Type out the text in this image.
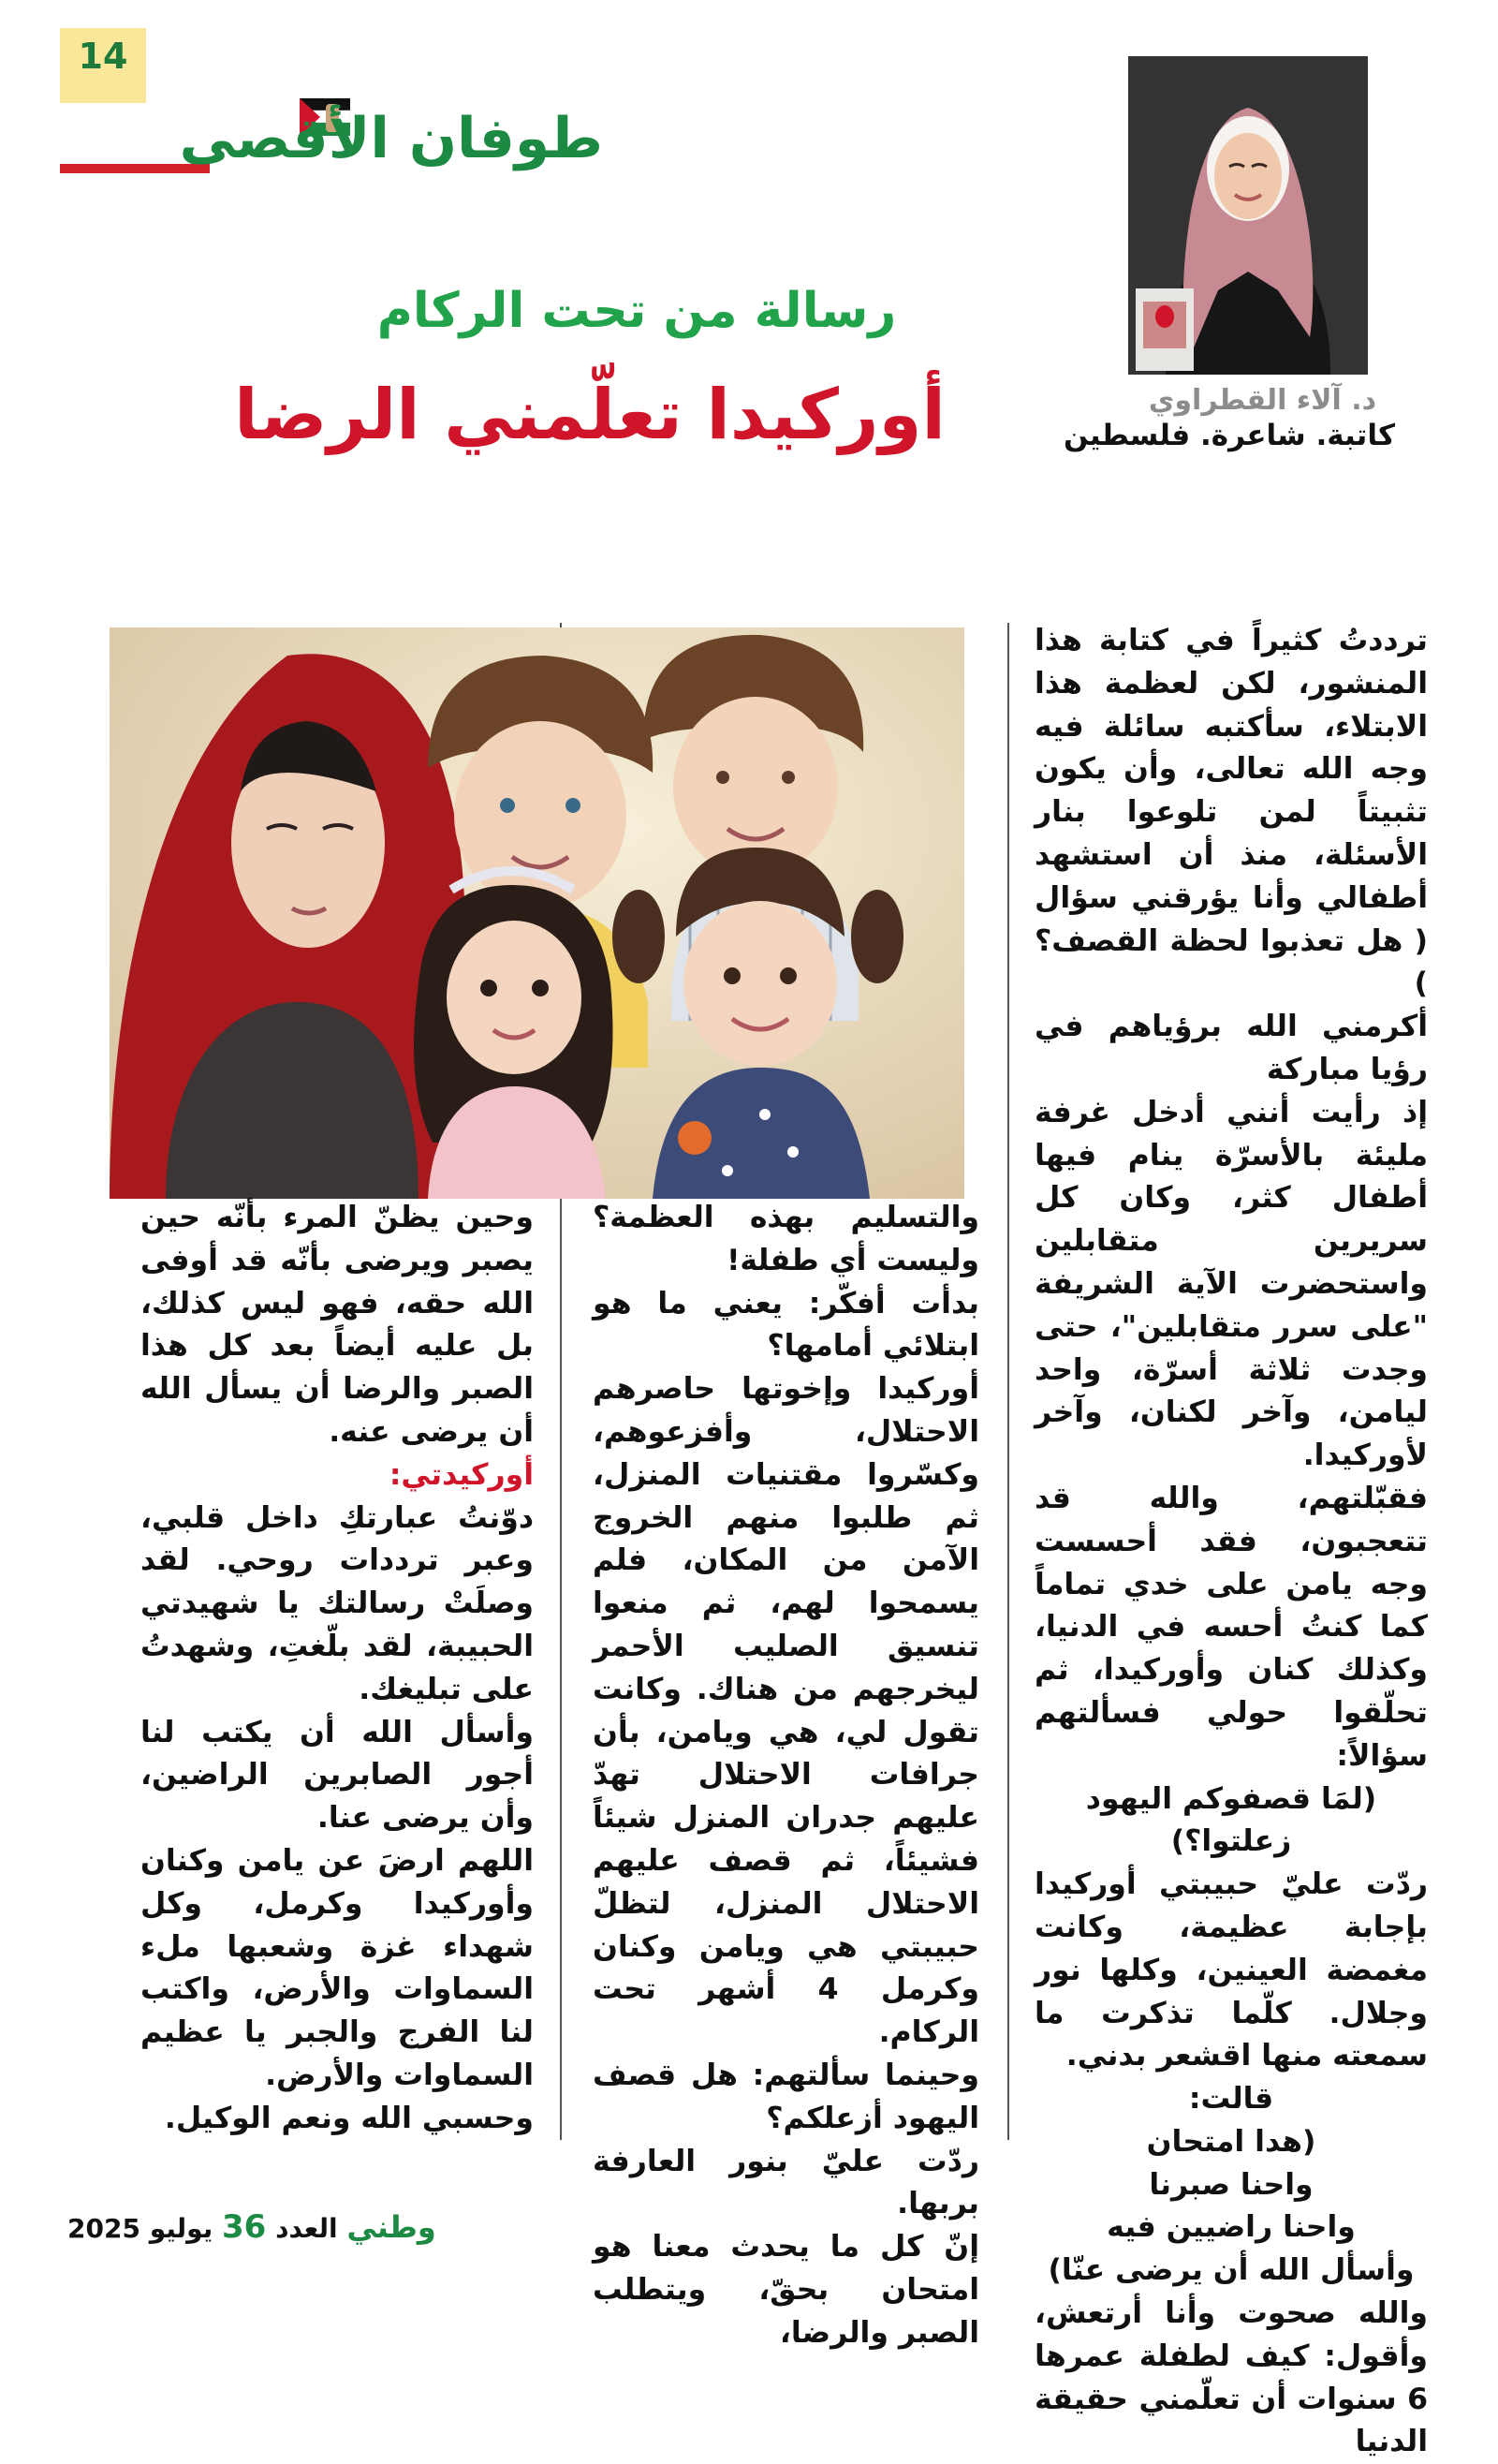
14
طوفان الأقصى
رسالة من تحت الركام
أوركيدا تعلّمني الرضا	د. آلاء القطراوي
كاتبة. شاعرة. فلسطين

ترددتُ كثيراً في كتابة هذا المنشور، لكن لعظمة هذا الابتلاء، سأكتبه سائلة فيه وجه الله تعالى، وأن يكون تثبيتاً لمن تلوعوا بنار الأسئلة، منذ أن استشهد أطفالي وأنا يؤرقني سؤال ( هل تعذبوا لحظة القصف؟ )

أكرمني الله برؤياهم في رؤيا مباركة

إذ رأيت أنني أدخل غرفة مليئة بالأسرّة ينام فيها أطفال كثر، وكان كل سريرين متقابلين واستحضرت الآية الشريفة "على سرر متقابلين"، حتى وجدت ثلاثة أسرّة، واحد ليامن، وآخر لكنان، وآخر لأوركيدا.

فقبّلتهم، والله قد تتعجبون، فقد أحسست وجه يامن على خدي تماماً كما كنتُ أحسه في الدنيا، وكذلك كنان وأوركيدا، ثم تحلّقوا حولي فسألتهم سؤالاً:

(لمَا قصفوكم اليهود زعلتوا؟)

ردّت عليّ حبيبتي أوركيدا بإجابة عظيمة، وكانت مغمضة العينين، وكلها نور وجلال. كلّما تذكرت ما سمعته منها اقشعر بدني.

قالت:

(هدا امتحان

واحنا صبرنا

واحنا راضيين فيه

وأسأل الله أن يرضى عنّا)

والله صحوت وأنا أرتعش، وأقول: كيف لطفلة عمرها 6 سنوات أن تعلّمني حقيقة الدنيا

والتسليم بهذه العظمة؟ وليست أي طفلة!

بدأت أفكّر: يعني ما هو ابتلائي أمامها؟

أوركيدا وإخوتها حاصرهم الاحتلال، وأفزعوهم، وكسّروا مقتنيات المنزل، ثم طلبوا منهم الخروج الآمن من المكان، فلم يسمحوا لهم، ثم منعوا تنسيق الصليب الأحمر ليخرجهم من هناك. وكانت تقول لي، هي ويامن، بأن جرافات الاحتلال تهدّ عليهم جدران المنزل شيئاً فشيئاً، ثم قصف عليهم الاحتلال المنزل، لتظلّ حبيبتي هي ويامن وكنان وكرمل 4 أشهر تحت الركام.

وحينما سألتهم: هل قصف اليهود أزعلكم؟

ردّت عليّ بنور العارفة بربها.

إنّ كل ما يحدث معنا هو امتحان بحقّ، ويتطلب الصبر والرضا،

وحين يظنّ المرء بأنّه حين يصبر ويرضى بأنّه قد أوفى الله حقه، فهو ليس كذلك، بل عليه أيضاً بعد كل هذا الصبر والرضا أن يسأل الله أن يرضى عنه.

أوركيدتي:

دوّنتُ عبارتكِ داخل قلبي، وعبر ترددات روحي. لقد وصلَتْ رسالتك يا شهيدتي الحبيبة، لقد بلّغتِ، وشهدتُ على تبليغك.

وأسأل الله أن يكتب لنا أجور الصابرين الراضين، وأن يرضى عنا.

اللهم ارضَ عن يامن وكنان وأوركيدا وكرمل، وكل شهداء غزة وشعبها ملء السماوات والأرض، واكتب لنا الفرج والجبر يا عظيم السماوات والأرض.

وحسبي الله ونعم الوكيل.

وطني العدد 36 يوليو 2025
